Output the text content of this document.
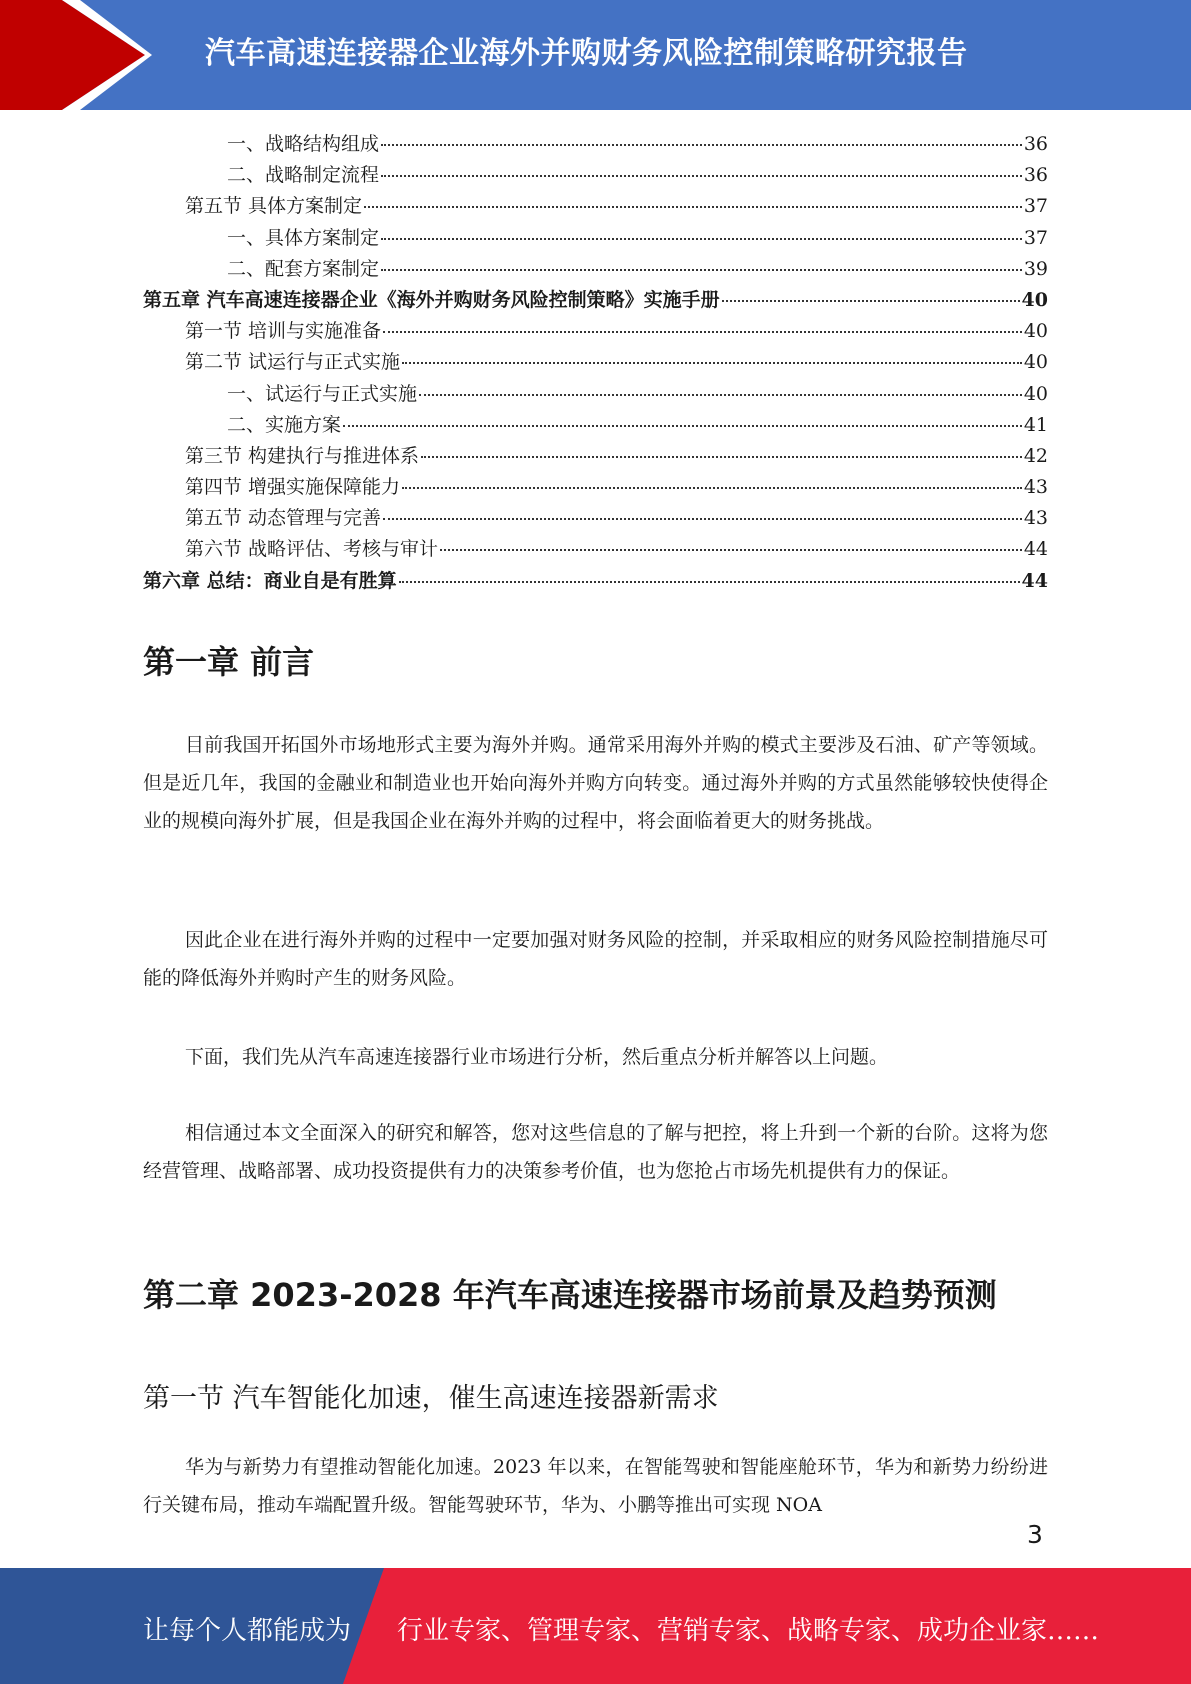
汽车高速连接器企业海外并购财务风险控制策略研究报告
一、战略结构组成	36
二、战略制定流程	36
第五节 具体方案制定	37
一、具体方案制定	37
二、配套方案制定	39
第五章 汽车高速连接器企业《海外并购财务风险控制策略》实施手册	40
第一节 培训与实施准备	40
第二节 试运行与正式实施	40
一、试运行与正式实施	40
二、实施方案	41
第三节 构建执行与推进体系	42
第四节 增强实施保障能力	43
第五节 动态管理与完善	43
第六节 战略评估、考核与审计	44
第六章 总结：商业自是有胜算	44
第一章 前言

目前我国开拓国外市场地形式主要为海外并购。通常采用海外并购的模式主要涉及石油、矿产等领域。但是近几年，我国的金融业和制造业也开始向海外并购方向转变。通过海外并购的方式虽然能够较快使得企业的规模向海外扩展，但是我国企业在海外并购的过程中，将会面临着更大的财务挑战。

因此企业在进行海外并购的过程中一定要加强对财务风险的控制，并采取相应的财务风险控制措施尽可能的降低海外并购时产生的财务风险。

下面，我们先从汽车高速连接器行业市场进行分析，然后重点分析并解答以上问题。

相信通过本文全面深入的研究和解答，您对这些信息的了解与把控，将上升到一个新的台阶。这将为您经营管理、战略部署、成功投资提供有力的决策参考价值，也为您抢占市场先机提供有力的保证。

第二章 2023-2028 年汽车高速连接器市场前景及趋势预测
第一节 汽车智能化加速，催生高速连接器新需求

华为与新势力有望推动智能化加速。2023 年以来，在智能驾驶和智能座舱环节，华为和新势力纷纷进行关键布局，推动车端配置升级。智能驾驶环节，华为、小鹏等推出可实现 NOA

3
让每个人都能成为 行业专家、管理专家、营销专家、战略专家、成功企业家……
